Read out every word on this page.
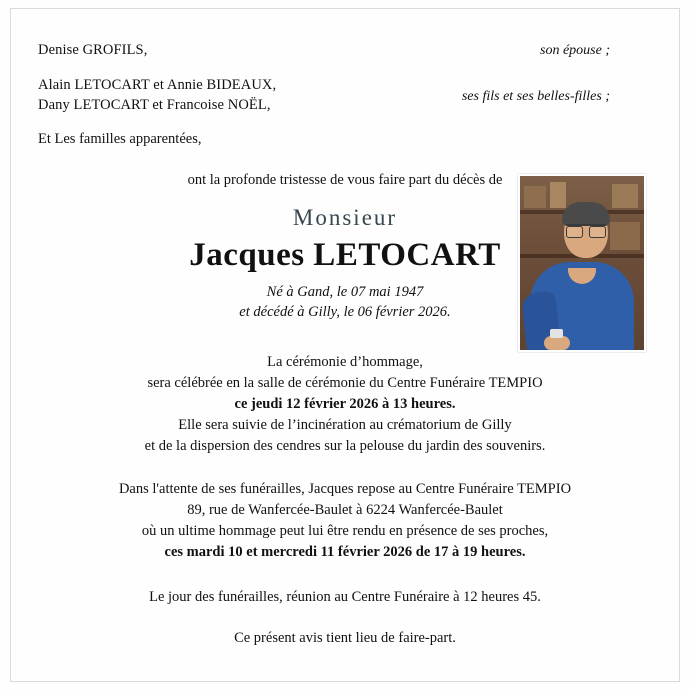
Denise GROFILS,	son épouse ;
Alain LETOCART et Annie BIDEAUX,
Dany LETOCART et Francoise NOËL,
ses fils et ses belles-filles ;
Et Les familles apparentées,
ont la profonde tristesse de vous faire part du décès de
Monsieur
Jacques LETOCART
Né à Gand, le 07 mai 1947
et décédé à Gilly, le 06 février 2026.
La cérémonie d’hommage,
sera célébrée en la salle de cérémonie du Centre Funéraire TEMPIO
ce jeudi 12 février 2026 à 13 heures.
Elle sera suivie de l’incinération au crématorium de Gilly
et de la dispersion des cendres sur la pelouse du jardin des souvenirs.
Dans l'attente de ses funérailles, Jacques repose au Centre Funéraire TEMPIO
89, rue de Wanfercée-Baulet à 6224 Wanfercée-Baulet
où un ultime hommage peut lui être rendu en présence de ses proches,
ces mardi 10 et mercredi 11 février 2026 de 17 à 19 heures.
Le jour des funérailles, réunion au Centre Funéraire à 12 heures 45.
Ce présent avis tient lieu de faire-part.
